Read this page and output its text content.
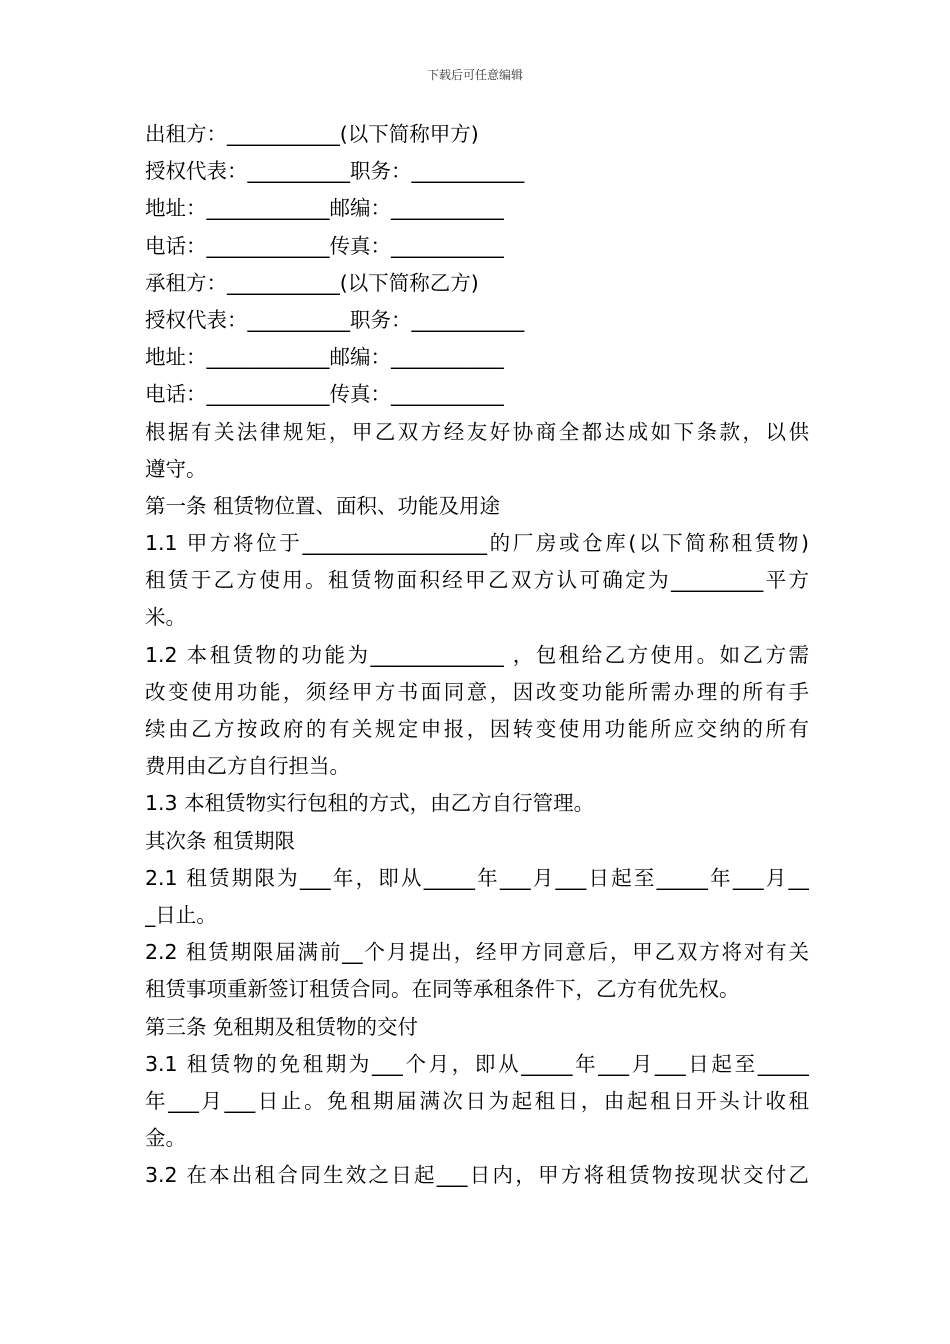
下载后可任意编辑
出租方：___________(以下简称甲方)
授权代表：__________职务：___________
地址：____________邮编：___________
电话：____________传真：___________
承租方：___________(以下简称乙方)
授权代表：__________职务：___________
地址：____________邮编：___________
电话：____________传真：___________
根据有关法律规矩，甲乙双方经友好协商全都达成如下条款，以供
遵守。
第一条 租赁物位置、面积、功能及用途
1.1 甲方将位于__________________的厂房或仓库(以下简称租赁物)
租赁于乙方使用。租赁物面积经甲乙双方认可确定为_________平方
米。
1.2 本租赁物的功能为_____________ ，包租给乙方使用。如乙方需
改变使用功能，须经甲方书面同意，因改变功能所需办理的所有手
续由乙方按政府的有关规定申报，因转变使用功能所应交纳的所有
费用由乙方自行担当。
1.3 本租赁物实行包租的方式，由乙方自行管理。
其次条 租赁期限
2.1 租赁期限为___年，即从_____年___月___日起至_____年___月__
_日止。
2.2 租赁期限届满前__个月提出，经甲方同意后，甲乙双方将对有关
租赁事项重新签订租赁合同。在同等承租条件下，乙方有优先权。
第三条 免租期及租赁物的交付
3.1 租赁物的免租期为___个月，即从_____年___月___日起至_____
年___月___日止。免租期届满次日为起租日，由起租日开头计收租
金。
3.2 在本出租合同生效之日起___日内，甲方将租赁物按现状交付乙
